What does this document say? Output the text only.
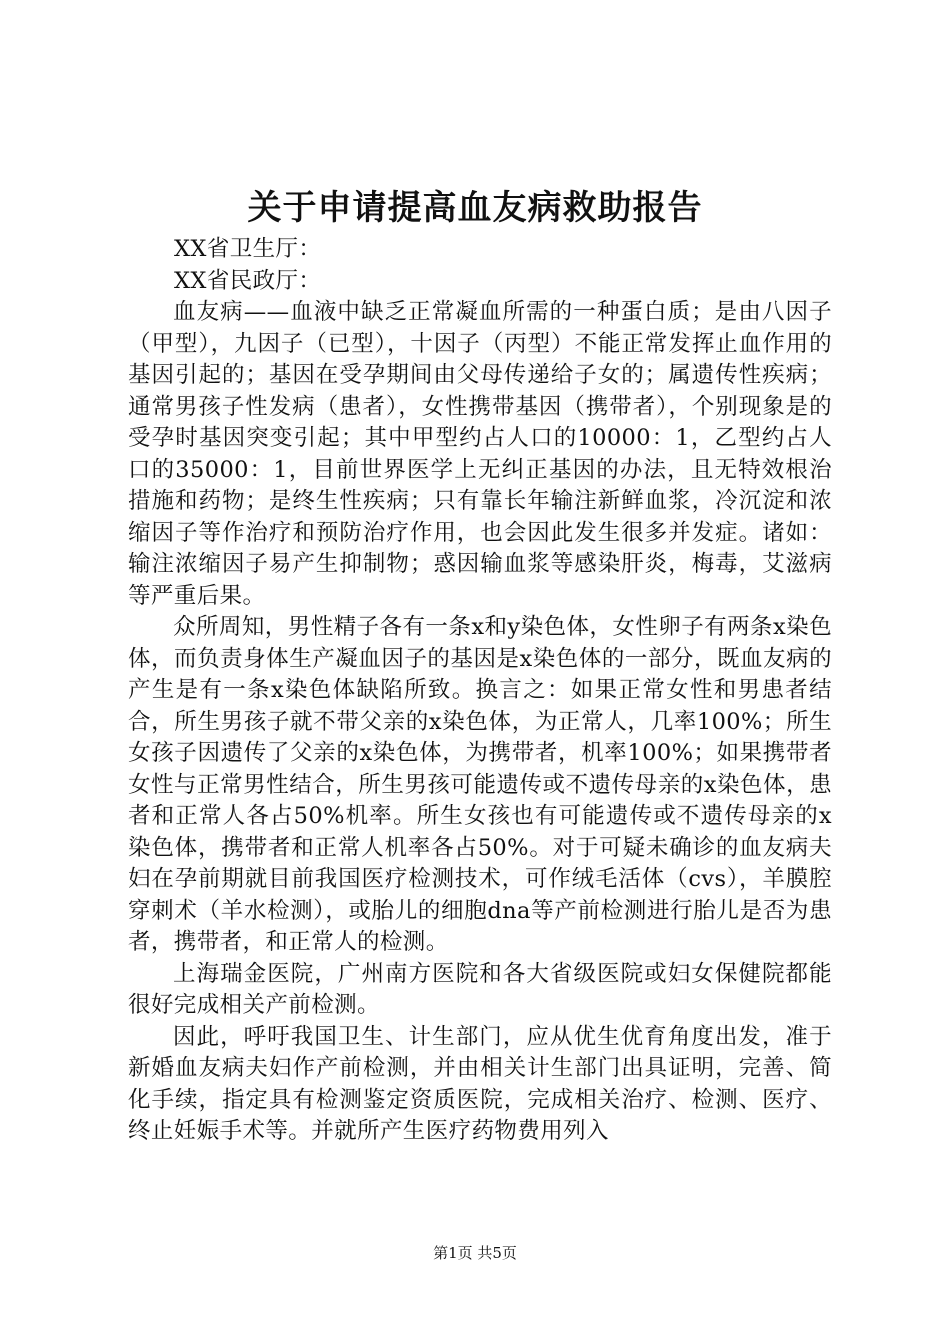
关于申请提高血友病救助报告
XX省卫生厅：
XX省民政厅：

血友病——血液中缺乏正常凝血所需的一种蛋白质；是由八因子（甲型），九因子（已型），十因子（丙型）不能正常发挥止血作用的基因引起的；基因在受孕期间由父母传递给子女的；属遗传性疾病；通常男孩子性发病（患者），女性携带基因（携带者），个别现象是的受孕时基因突变引起；其中甲型约占人口的10000：1，乙型约占人口的35000：1，目前世界医学上无纠正基因的办法，且无特效根治措施和药物；是终生性疾病；只有靠长年输注新鲜血浆，冷沉淀和浓缩因子等作治疗和预防治疗作用，也会因此发生很多并发症。诸如：输注浓缩因子易产生抑制物；惑因输血浆等感染肝炎，梅毒，艾滋病等严重后果。

众所周知，男性精子各有一条x和y染色体，女性卵子有两条x染色体，而负责身体生产凝血因子的基因是x染色体的一部分，既血友病的产生是有一条x染色体缺陷所致。换言之：如果正常女性和男患者结合，所生男孩子就不带父亲的x染色体，为正常人，几率100%；所生女孩子因遗传了父亲的x染色体，为携带者，机率100%；如果携带者女性与正常男性结合，所生男孩可能遗传或不遗传母亲的x染色体，患者和正常人各占50%机率。所生女孩也有可能遗传或不遗传母亲的x染色体，携带者和正常人机率各占50%。对于可疑未确诊的血友病夫妇在孕前期就目前我国医疗检测技术，可作绒毛活体（cvs），羊膜腔穿刺术（羊水检测），或胎儿的细胞dna等产前检测进行胎儿是否为患者，携带者，和正常人的检测。

上海瑞金医院，广州南方医院和各大省级医院或妇女保健院都能很好完成相关产前检测。

因此，呼吁我国卫生、计生部门，应从优生优育角度出发，准于新婚血友病夫妇作产前检测，并由相关计生部门出具证明，完善、简化手续，指定具有检测鉴定资质医院，完成相关治疗、检测、医疗、终止妊娠手术等。并就所产生医疗药物费用列入

第1页 共5页
